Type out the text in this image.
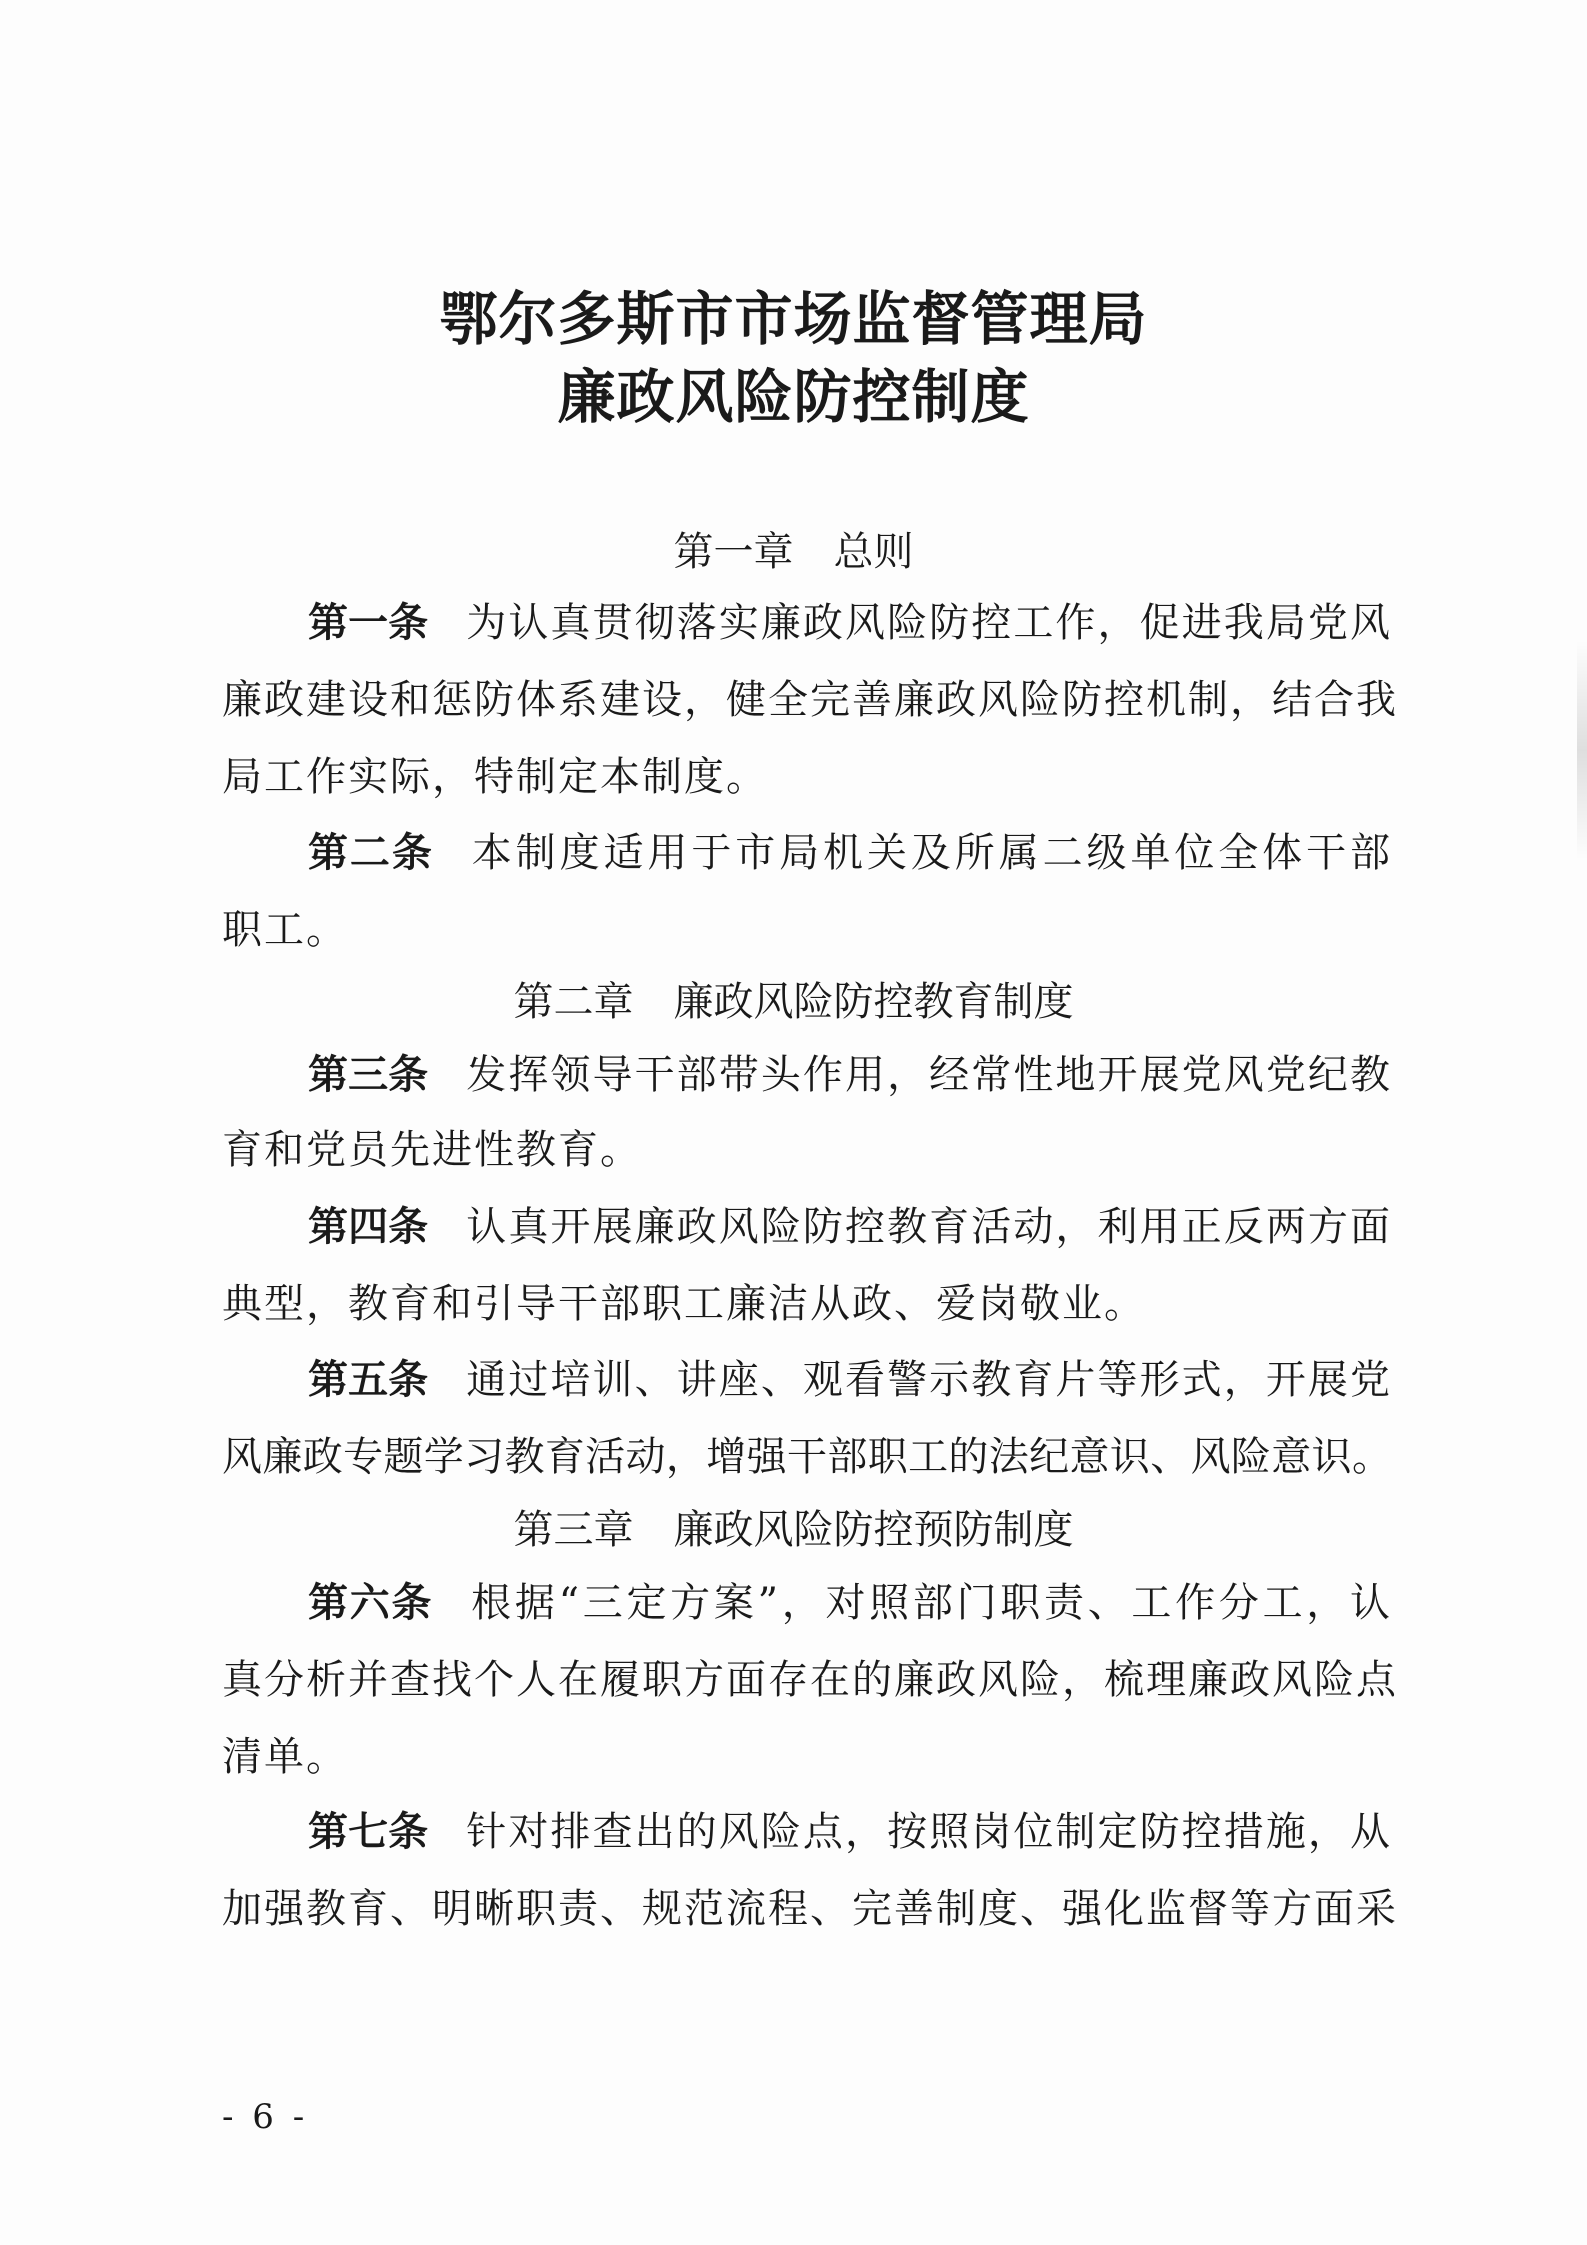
鄂尔多斯市市场监督管理局
廉政风险防控制度
第一章　总则
第一条 为认真贯彻落实廉政风险防控工作，促进我局党风
廉政建设和惩防体系建设，健全完善廉政风险防控机制，结合我
局工作实际，特制定本制度。
第二条 本制度适用于市局机关及所属二级单位全体干部
职工。
第二章　廉政风险防控教育制度
第三条 发挥领导干部带头作用，经常性地开展党风党纪教
育和党员先进性教育。
第四条 认真开展廉政风险防控教育活动，利用正反两方面
典型，教育和引导干部职工廉洁从政、爱岗敬业。
第五条 通过培训、讲座、观看警示教育片等形式，开展党
风廉政专题学习教育活动，增强干部职工的法纪意识、风险意识。
第三章　廉政风险防控预防制度
第六条 根据“三定方案”，对照部门职责、工作分工，认
真分析并查找个人在履职方面存在的廉政风险，梳理廉政风险点
清单。
第七条 针对排查出的风险点，按照岗位制定防控措施，从
加强教育、明晰职责、规范流程、完善制度、强化监督等方面采
- 6 -
